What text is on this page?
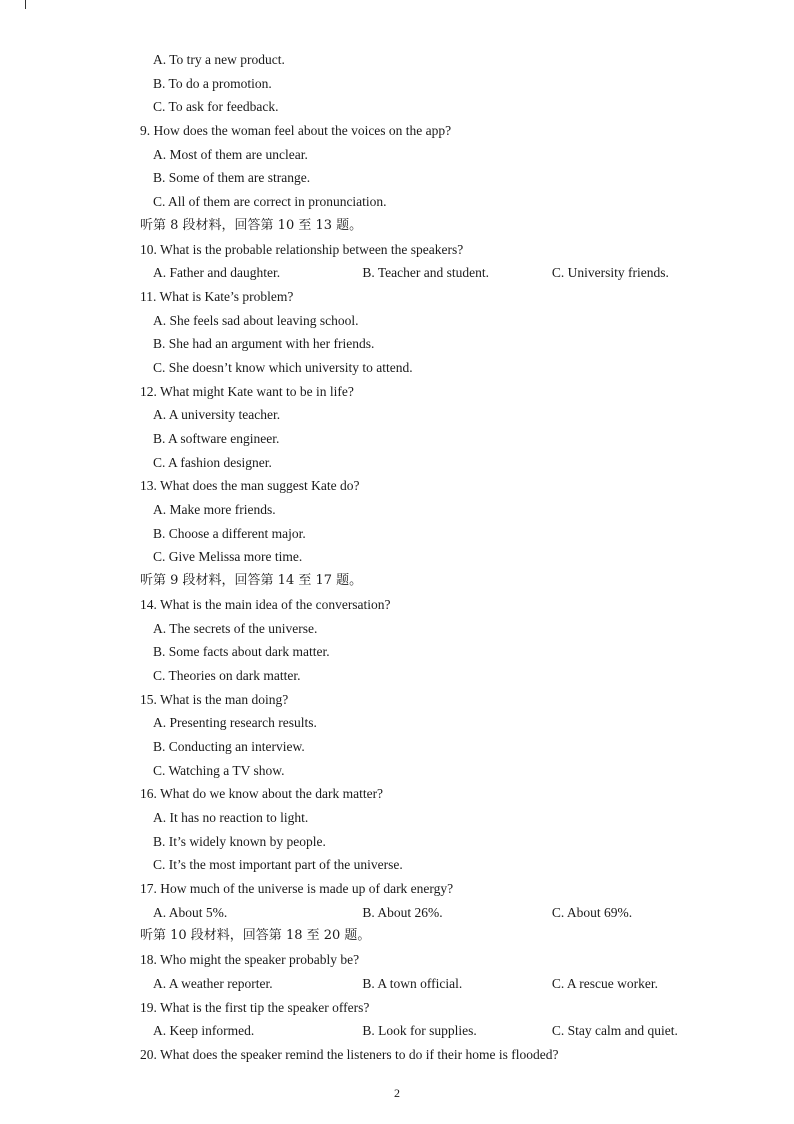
A. To try a new product.
B. To do a promotion.
C. To ask for feedback.
9. How does the woman feel about the voices on the app?
A. Most of them are unclear.
B. Some of them are strange.
C. All of them are correct in pronunciation.
听第 8 段材料，回答第 10 至 13 题。
10. What is the probable relationship between the speakers?
A. Father and daughter.	B. Teacher and student.	C. University friends.
11. What is Kate’s problem?
A. She feels sad about leaving school.
B. She had an argument with her friends.
C. She doesn’t know which university to attend.
12. What might Kate want to be in life?
A. A university teacher.
B. A software engineer.
C. A fashion designer.
13. What does the man suggest Kate do?
A. Make more friends.
B. Choose a different major.
C. Give Melissa more time.
听第 9 段材料，回答第 14 至 17 题。
14. What is the main idea of the conversation?
A. The secrets of the universe.
B. Some facts about dark matter.
C. Theories on dark matter.
15. What is the man doing?
A. Presenting research results.
B. Conducting an interview.
C. Watching a TV show.
16. What do we know about the dark matter?
A. It has no reaction to light.
B. It’s widely known by people.
C. It’s the most important part of the universe.
17. How much of the universe is made up of dark energy?
A. About 5%.	B. About 26%.	C. About 69%.
听第 10 段材料，回答第 18 至 20 题。
18. Who might the speaker probably be?
A. A weather reporter.	B. A town official.	C. A rescue worker.
19. What is the first tip the speaker offers?
A. Keep informed.	B. Look for supplies.	C. Stay calm and quiet.
20. What does the speaker remind the listeners to do if their home is flooded?
2
